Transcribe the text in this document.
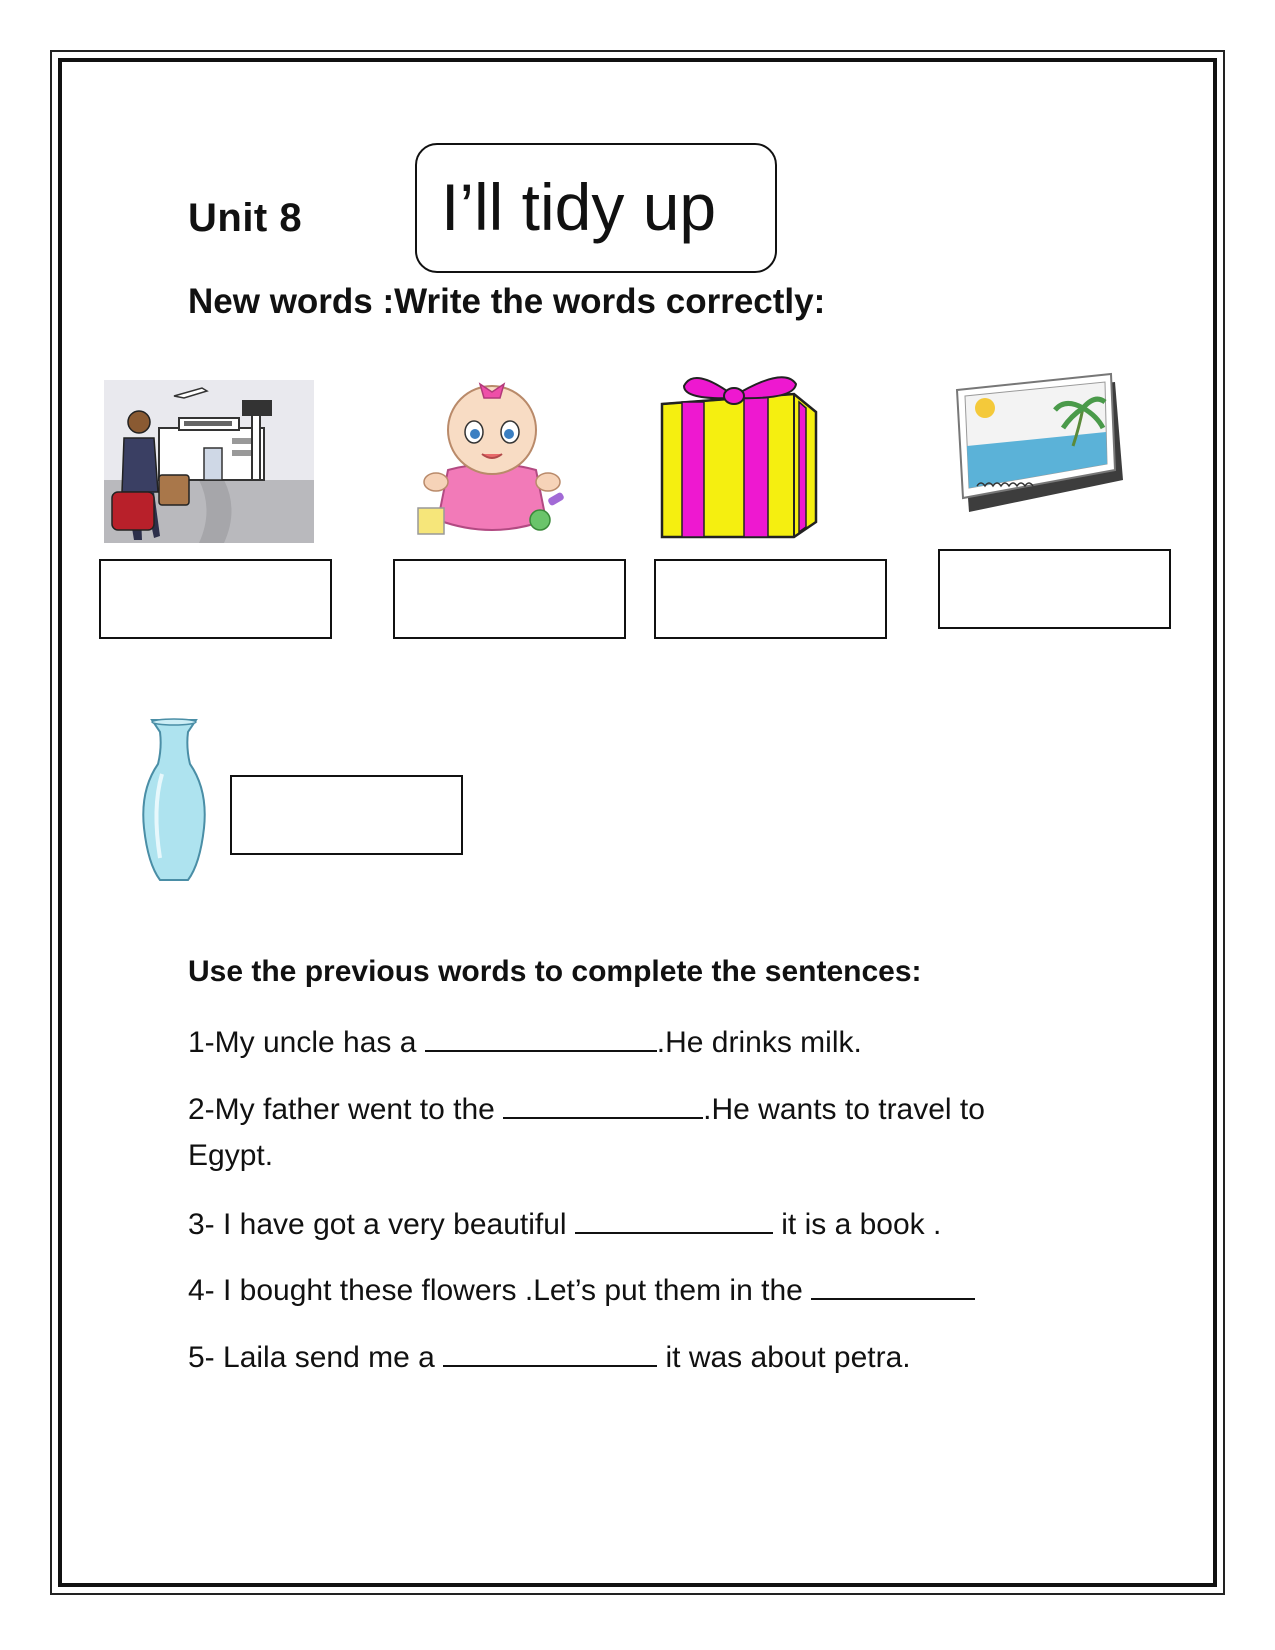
Unit 8 I’ll tidy up
New words :Write the words correctly:
Use the previous words to complete the sentences:
1-My uncle has a	.He drinks milk.
2-My father went to the	.He wants to travel to
Egypt.
3- I have got a very beautiful	it is a book .
4- I bought these flowers .Let’s put them in the
5- Laila send me a	it was about petra.
